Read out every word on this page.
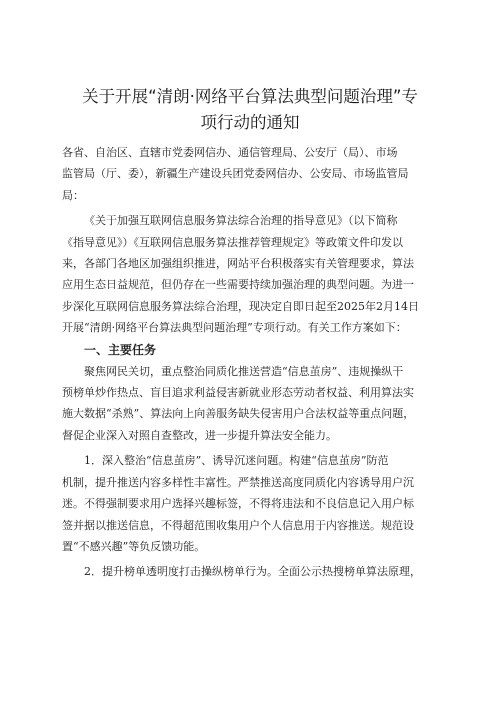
关于开展“清朗·网络平台算法典型问题治理”专
项行动的通知

各省、自治区、直辖市党委网信办、通信管理局、公安厅（局）、市场
监管局（厅、委），新疆生产建设兵团党委网信办、公安局、市场监管局
局：

《关于加强互联网信息服务算法综合治理的指导意见》（以下简称
《指导意见》）《互联网信息服务算法推荐管理规定》等政策文件印发以
来，各部门各地区加强组织推进，网站平台积极落实有关管理要求，算法
应用生态日益规范，但仍存在一些需要持续加强治理的典型问题。为进一
步深化互联网信息服务算法综合治理，现决定自即日起至2025年2月14日
开展“清朗·网络平台算法典型问题治理”专项行动。有关工作方案如下：

一、主要任务

聚焦网民关切，重点整治同质化推送营造“信息茧房”、违规操纵干
预榜单炒作热点、盲目追求利益侵害新就业形态劳动者权益、利用算法实
施大数据“杀熟”、算法向上向善服务缺失侵害用户合法权益等重点问题，
督促企业深入对照自查整改，进一步提升算法安全能力。

1．深入整治“信息茧房”、诱导沉迷问题。构建“信息茧房”防范
机制，提升推送内容多样性丰富性。严禁推送高度同质化内容诱导用户沉
迷。不得强制要求用户选择兴趣标签，不得将违法和不良信息记入用户标
签并据以推送信息，不得超范围收集用户个人信息用于内容推送。规范设
置“不感兴趣”等负反馈功能。

2．提升榜单透明度打击操纵榜单行为。全面公示热搜榜单算法原理，
